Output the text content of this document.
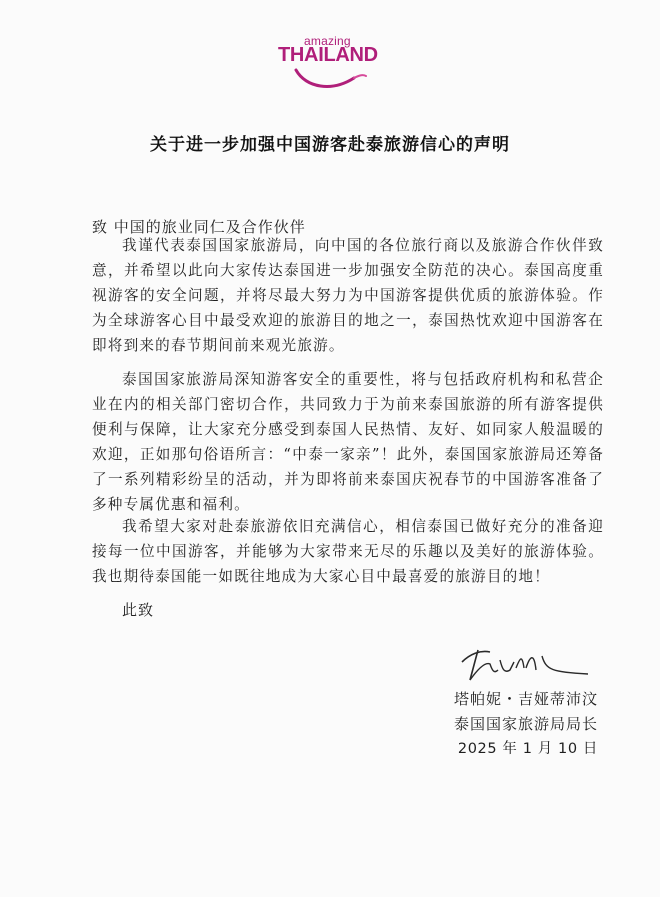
amazing
THAILAND
关于进一步加强中国游客赴泰旅游信心的声明
致 中国的旅业同仁及合作伙伴

我谨代表泰国国家旅游局，向中国的各位旅行商以及旅游合作伙伴致意，并希望以此向大家传达泰国进一步加强安全防范的决心。泰国高度重视游客的安全问题，并将尽最大努力为中国游客提供优质的旅游体验。作为全球游客心目中最受欢迎的旅游目的地之一，泰国热忱欢迎中国游客在即将到来的春节期间前来观光旅游。

泰国国家旅游局深知游客安全的重要性，将与包括政府机构和私营企业在内的相关部门密切合作，共同致力于为前来泰国旅游的所有游客提供便利与保障，让大家充分感受到泰国人民热情、友好、如同家人般温暖的欢迎，正如那句俗语所言：“中泰一家亲”！此外，泰国国家旅游局还筹备了一系列精彩纷呈的活动，并为即将前来泰国庆祝春节的中国游客准备了多种专属优惠和福利。

我希望大家对赴泰旅游依旧充满信心，相信泰国已做好充分的准备迎接每一位中国游客，并能够为大家带来无尽的乐趣以及美好的旅游体验。我也期待泰国能一如既往地成为大家心目中最喜爱的旅游目的地！

此致
塔帕妮・吉娅蒂沛汶
泰国国家旅游局局长
2025 年 1 月 10 日
